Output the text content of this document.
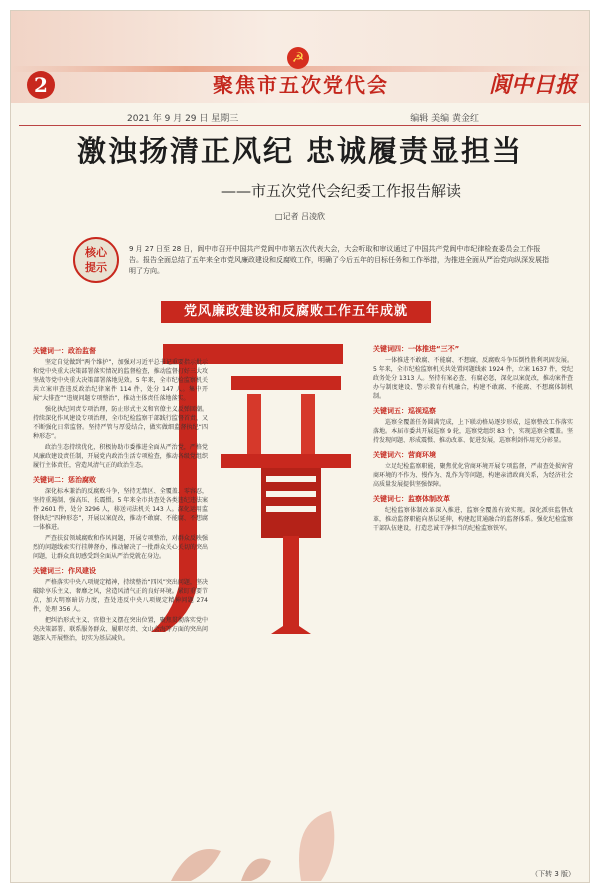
☭
2	聚焦市五次党代会	阆中日报
2021 年 9 月 29 日 星期三	编辑 美编 黄金红
激浊扬清正风纪 忠诚履责显担当
——市五次党代会纪委工作报告解读
□记者 吕凌欣
核心
提示
9 月 27 日至 28 日，阆中市召开中国共产党阆中市第五次代表大会，大会听取和审议通过了中国共产党阆中市纪律检查委员会工作报告。报告全面总结了五年来全市党风廉政建设和反腐败工作，明确了今后五年的目标任务和工作举措，为推进全面从严治党向纵深发展指明了方向。
党风廉政建设和反腐败工作五年成就
关键词一：政治监督

坚定自觉做到“两个维护”，加强对习近平总书记重要指示批示和党中央重大决策部署落实情况的监督检查，推动监督打好三大攻坚战等党中央重大决策部署落地见效。5 年来，全市纪检监察机关共立案审查违反政治纪律案件 114 件，处分 147 人。集中开展“大排查”“违规问题专项整治”，推动主体责任落地落实。

强化执纪问责专项治理，防止形式主义和官僚主义反弹回潮。持续深化作风建设专项治理，全市纪检监察干部践行监督首责，又不断强化日常监督。坚持严管与厚爱结合，做实做细监督执纪“四种形态”。

政治生态持续优化，积极协助市委推进全面从严治党，严格党风廉政建设责任制，开展党内政治生活专项检查，推动各级党组织履行主体责任，营造风清气正的政治生态。

关键词二：惩治腐败

深化标本兼治的反腐败斗争，坚持无禁区、全覆盖、零容忍，坚持重遏制、强高压、长震慑。5 年来全市共查处各类违纪违法案件 2601 件，处分 3296 人，移送司法机关 143 人。深化运用监督执纪“四种形态”，开展以案促改，推动不敢腐、不能腐、不想腐一体推进。

严查扶贫领域腐败和作风问题，开展专项整治，对群众反映强烈的问题线索实行挂牌督办，推动解决了一批群众关心关切的突出问题，让群众真切感受到全面从严治党就在身边。

关键词三：作风建设

严格落实中央八项规定精神，持续整治“四风”突出问题，坚决破除享乐主义、奢靡之风，营造风清气正的良好环境。紧盯重要节点，加大明察暗访力度，查处违反中央八项规定精神问题 274 件，处理 356 人。

把纠治形式主义、官僚主义摆在突出位置，聚焦贯彻落实党中央决策部署、联系服务群众、履职尽责、文山会海等方面的突出问题深入开展整治，切实为基层减负。

关键词四：一体推进“三不”

一体推进不敢腐、不能腐、不想腐，反腐败斗争压倒性胜利巩固发展。5 年来，全市纪检监察机关共处置问题线索 1924 件，立案 1637 件，党纪政务处分 1313 人。坚持有案必查、有腐必惩，深化以案促改，推动案件查办与制度建设、警示教育有机融合，构建不敢腐、不能腐、不想腐体制机制。

关键词五：巡视巡察

巡察全覆盖任务圆满完成，上下联动格局逐步形成，巡察整改工作落实落地。本届市委共开展巡察 9 轮，巡察党组织 83 个，实现巡察全覆盖。坚持发现问题、形成震慑、推动改革、促进发展，巡察利剑作用充分彰显。

关键词六：营商环境

立足纪检监察职能，聚焦优化营商环境开展专项监督，严肃查处损害营商环境的不作为、慢作为、乱作为等问题，构建亲清政商关系，为经济社会高质量发展提供坚强保障。

关键词七：监察体制改革

纪检监察体制改革深入推进，监察全覆盖有效实现。深化派驻监督改革，推动监督职能向基层延伸，构建起贯通融合的监督体系。强化纪检监察干部队伍建设，打造忠诚干净担当的纪检监察铁军。

（下转 3 版）
